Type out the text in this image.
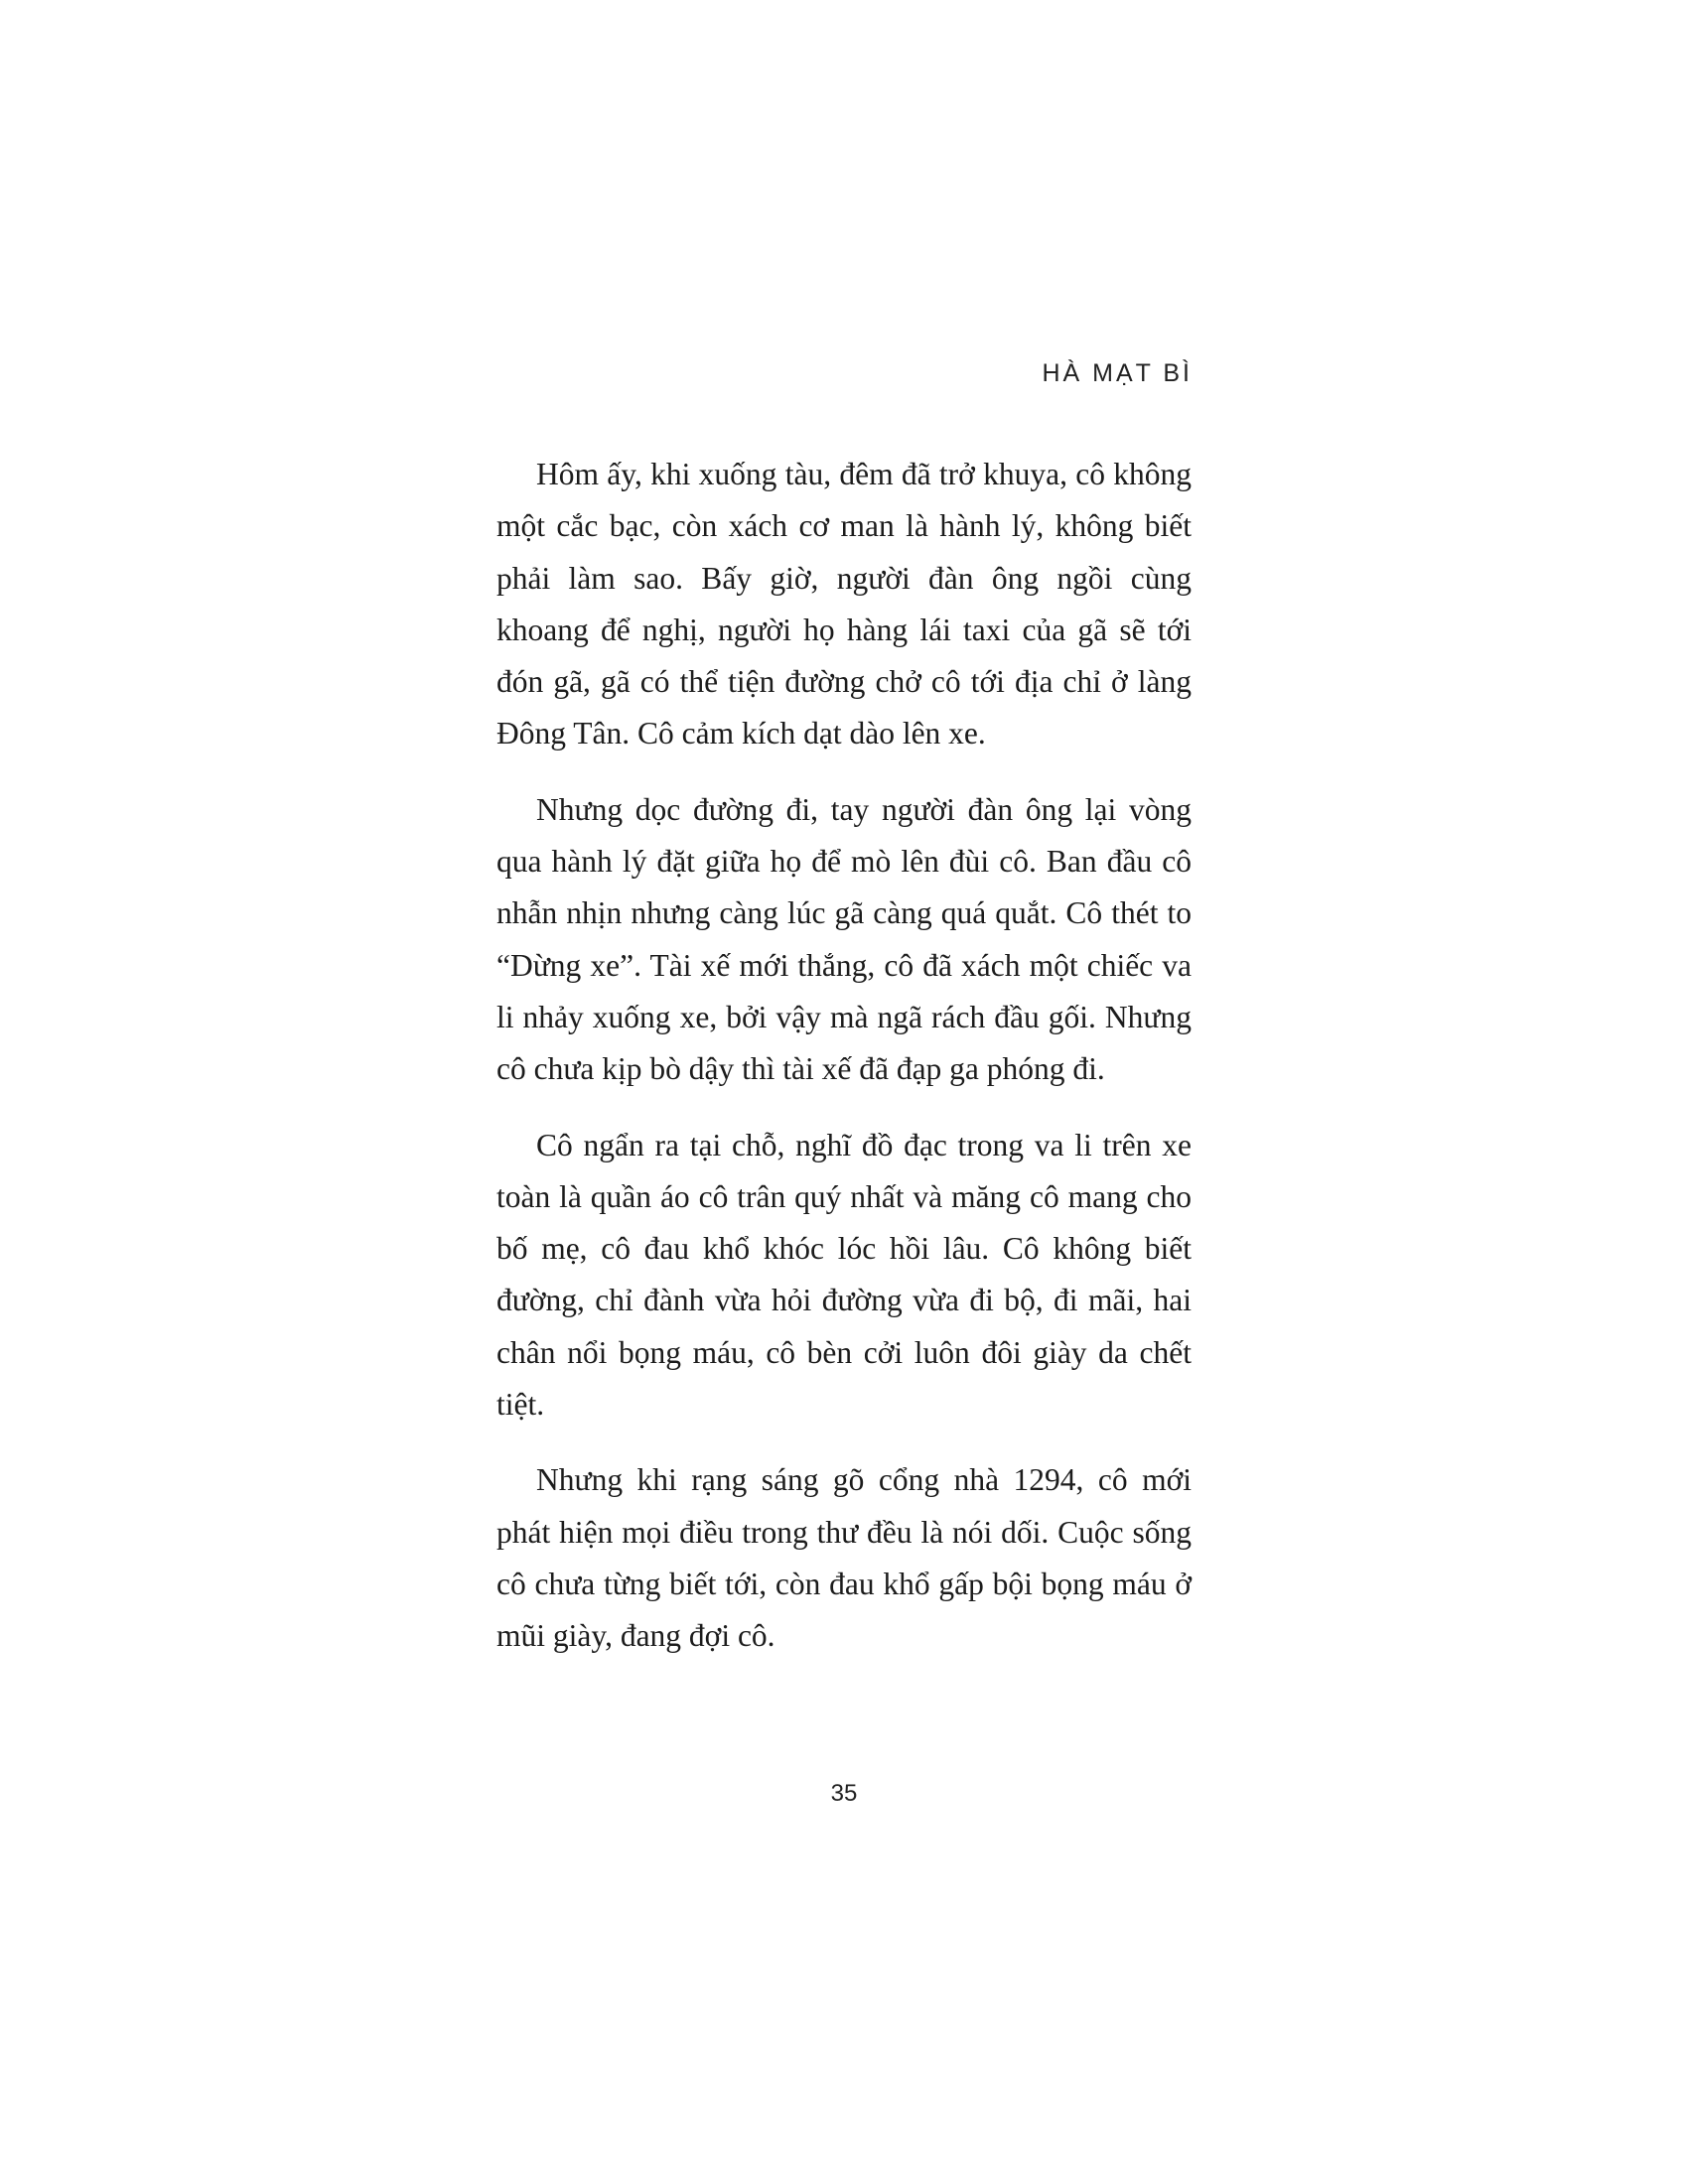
HÀ MẠT BÌ

Hôm ấy, khi xuống tàu, đêm đã trở khuya, cô không một cắc bạc, còn xách cơ man là hành lý, không biết phải làm sao. Bấy giờ, người đàn ông ngồi cùng khoang để nghị, người họ hàng lái taxi của gã sẽ tới đón gã, gã có thể tiện đường chở cô tới địa chỉ ở làng Đông Tân. Cô cảm kích dạt dào lên xe.

Nhưng dọc đường đi, tay người đàn ông lại vòng qua hành lý đặt giữa họ để mò lên đùi cô. Ban đầu cô nhẫn nhịn nhưng càng lúc gã càng quá quắt. Cô thét to “Dừng xe”. Tài xế mới thắng, cô đã xách một chiếc va li nhảy xuống xe, bởi vậy mà ngã rách đầu gối. Nhưng cô chưa kịp bò dậy thì tài xế đã đạp ga phóng đi.

Cô ngẩn ra tại chỗ, nghĩ đồ đạc trong va li trên xe toàn là quần áo cô trân quý nhất và măng cô mang cho bố mẹ, cô đau khổ khóc lóc hồi lâu. Cô không biết đường, chỉ đành vừa hỏi đường vừa đi bộ, đi mãi, hai chân nổi bọng máu, cô bèn cởi luôn đôi giày da chết tiệt.

Nhưng khi rạng sáng gõ cổng nhà 1294, cô mới phát hiện mọi điều trong thư đều là nói dối. Cuộc sống cô chưa từng biết tới, còn đau khổ gấp bội bọng máu ở mũi giày, đang đợi cô.

35
